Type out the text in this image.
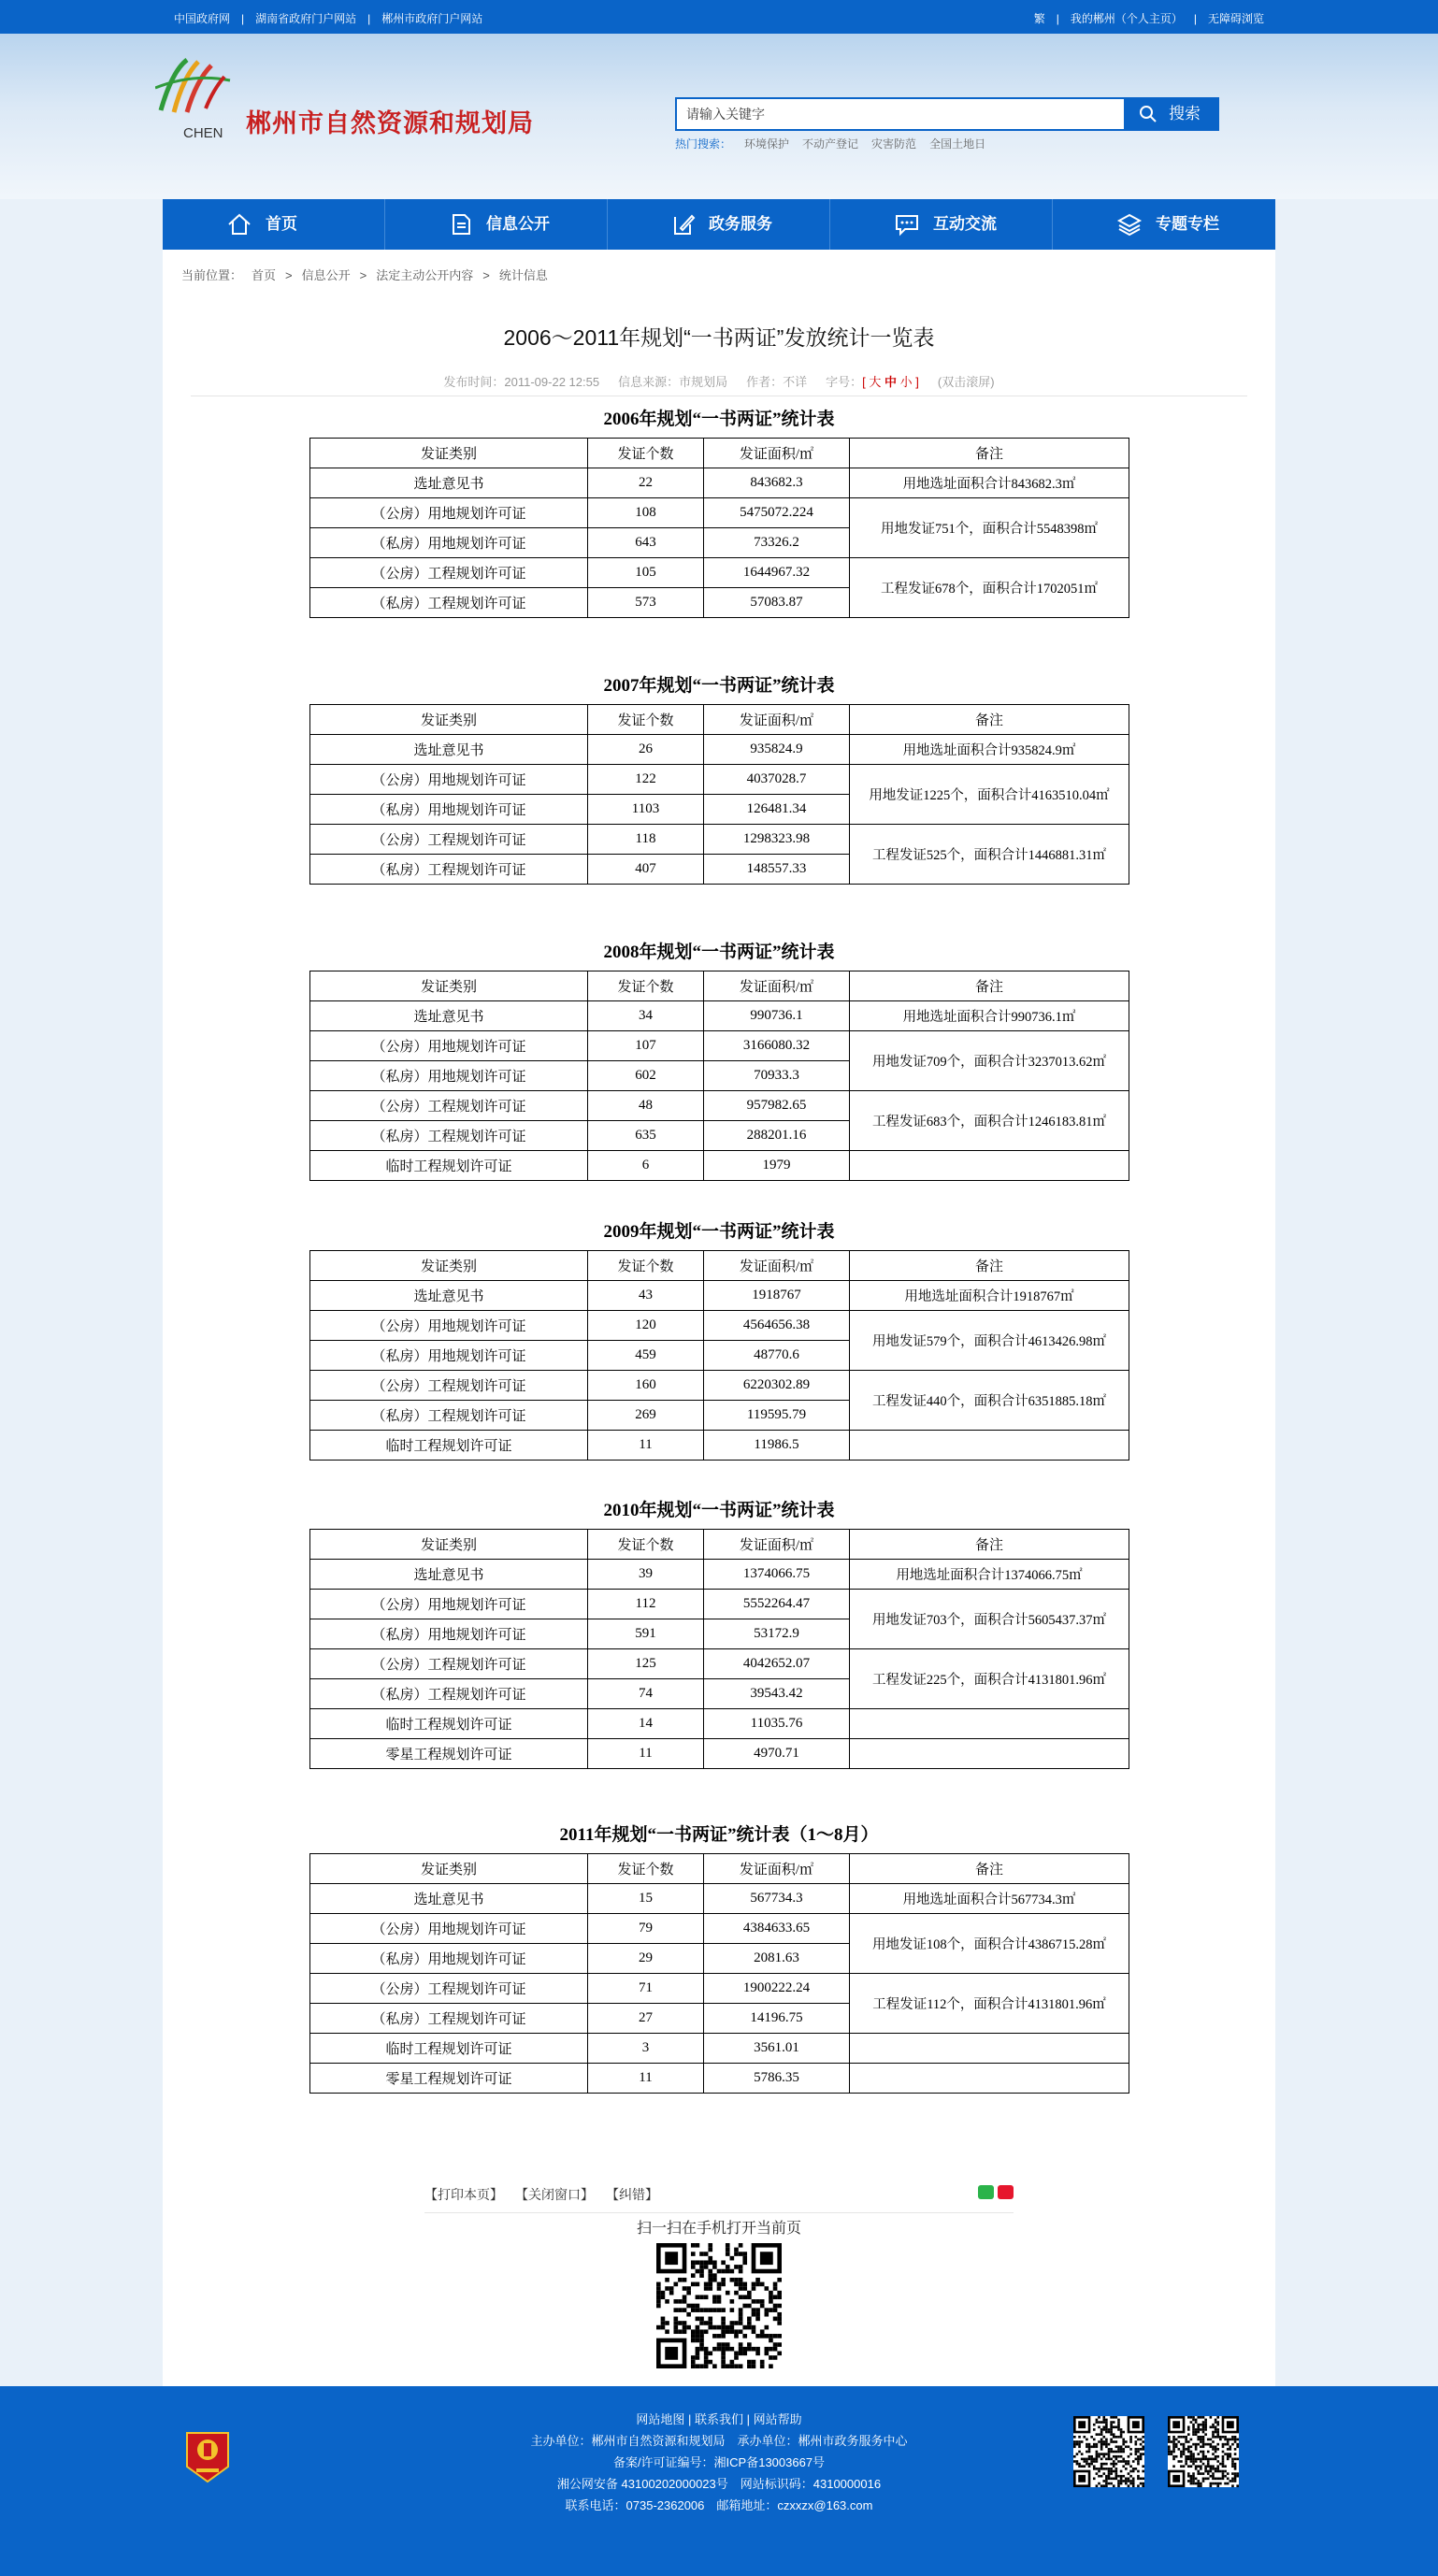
中国政府网 | 湖南省政府门户网站 | 郴州市政府门户网站	繁 | 我的郴州（个人主页） | 无障碍浏览
CHEN 郴州市自然资源和规划局
请输入关键字	搜索
热门搜索： 环境保护 不动产登记 灾害防范 全国土地日
首页	信息公开	政务服务	互动交流	专题专栏
当前位置： 首页 > 信息公开 > 法定主动公开内容 > 统计信息
2006～2011年规划“一书两证”发放统计一览表
发布时间：2011-09-22 12:55 信息来源：市规划局 作者：不详 字号：[ 大 中 小 ] (双击滚屏)
2006年规划“一书两证”统计表
发证类别	发证个数	发证面积/㎡	备注
选址意见书	22	843682.3	用地选址面积合计843682.3㎡
（公房）用地规划许可证	108	5475072.224	用地发证751个，面积合计5548398㎡
（私房）用地规划许可证	643	73326.2	
（公房）工程规划许可证	105	1644967.32	工程发证678个，面积合计1702051㎡
（私房）工程规划许可证	573	57083.87	
2007年规划“一书两证”统计表
发证类别	发证个数	发证面积/㎡	备注
选址意见书	26	935824.9	用地选址面积合计935824.9㎡
（公房）用地规划许可证	122	4037028.7	用地发证1225个，面积合计4163510.04㎡
（私房）用地规划许可证	1103	126481.34	
（公房）工程规划许可证	118	1298323.98	工程发证525个，面积合计1446881.31㎡
（私房）工程规划许可证	407	148557.33	
2008年规划“一书两证”统计表
发证类别	发证个数	发证面积/㎡	备注
选址意见书	34	990736.1	用地选址面积合计990736.1㎡
（公房）用地规划许可证	107	3166080.32	用地发证709个，面积合计3237013.62㎡
（私房）用地规划许可证	602	70933.3	
（公房）工程规划许可证	48	957982.65	工程发证683个，面积合计1246183.81㎡
（私房）工程规划许可证	635	288201.16	
临时工程规划许可证	6	1979	
2009年规划“一书两证”统计表
发证类别	发证个数	发证面积/㎡	备注
选址意见书	43	1918767	用地选址面积合计1918767㎡
（公房）用地规划许可证	120	4564656.38	用地发证579个，面积合计4613426.98㎡
（私房）用地规划许可证	459	48770.6	
（公房）工程规划许可证	160	6220302.89	工程发证440个，面积合计6351885.18㎡
（私房）工程规划许可证	269	119595.79	
临时工程规划许可证	11	11986.5	
2010年规划“一书两证”统计表
发证类别	发证个数	发证面积/㎡	备注
选址意见书	39	1374066.75	用地选址面积合计1374066.75㎡
（公房）用地规划许可证	112	5552264.47	用地发证703个，面积合计5605437.37㎡
（私房）用地规划许可证	591	53172.9	
（公房）工程规划许可证	125	4042652.07	工程发证225个，面积合计4131801.96㎡
（私房）工程规划许可证	74	39543.42	
临时工程规划许可证	14	11035.76	
零星工程规划许可证	11	4970.71	
2011年规划“一书两证”统计表（1～8月）
发证类别	发证个数	发证面积/㎡	备注
选址意见书	15	567734.3	用地选址面积合计567734.3㎡
（公房）用地规划许可证	79	4384633.65	用地发证108个，面积合计4386715.28㎡
（私房）用地规划许可证	29	2081.63	
（公房）工程规划许可证	71	1900222.24	工程发证112个，面积合计4131801.96㎡
（私房）工程规划许可证	27	14196.75	
临时工程规划许可证	3	3561.01	
零星工程规划许可证	11	5786.35	
【打印本页】 【关闭窗口】 【纠错】
扫一扫在手机打开当前页
网站地图 | 联系我们 | 网站帮助
主办单位：郴州市自然资源和规划局　承办单位：郴州市政务服务中心
备案/许可证编号：湘ICP备13003667号
湘公网安备 43100202000023号　网站标识码：4310000016
联系电话：0735-2362006　邮箱地址：czxxzx@163.com
